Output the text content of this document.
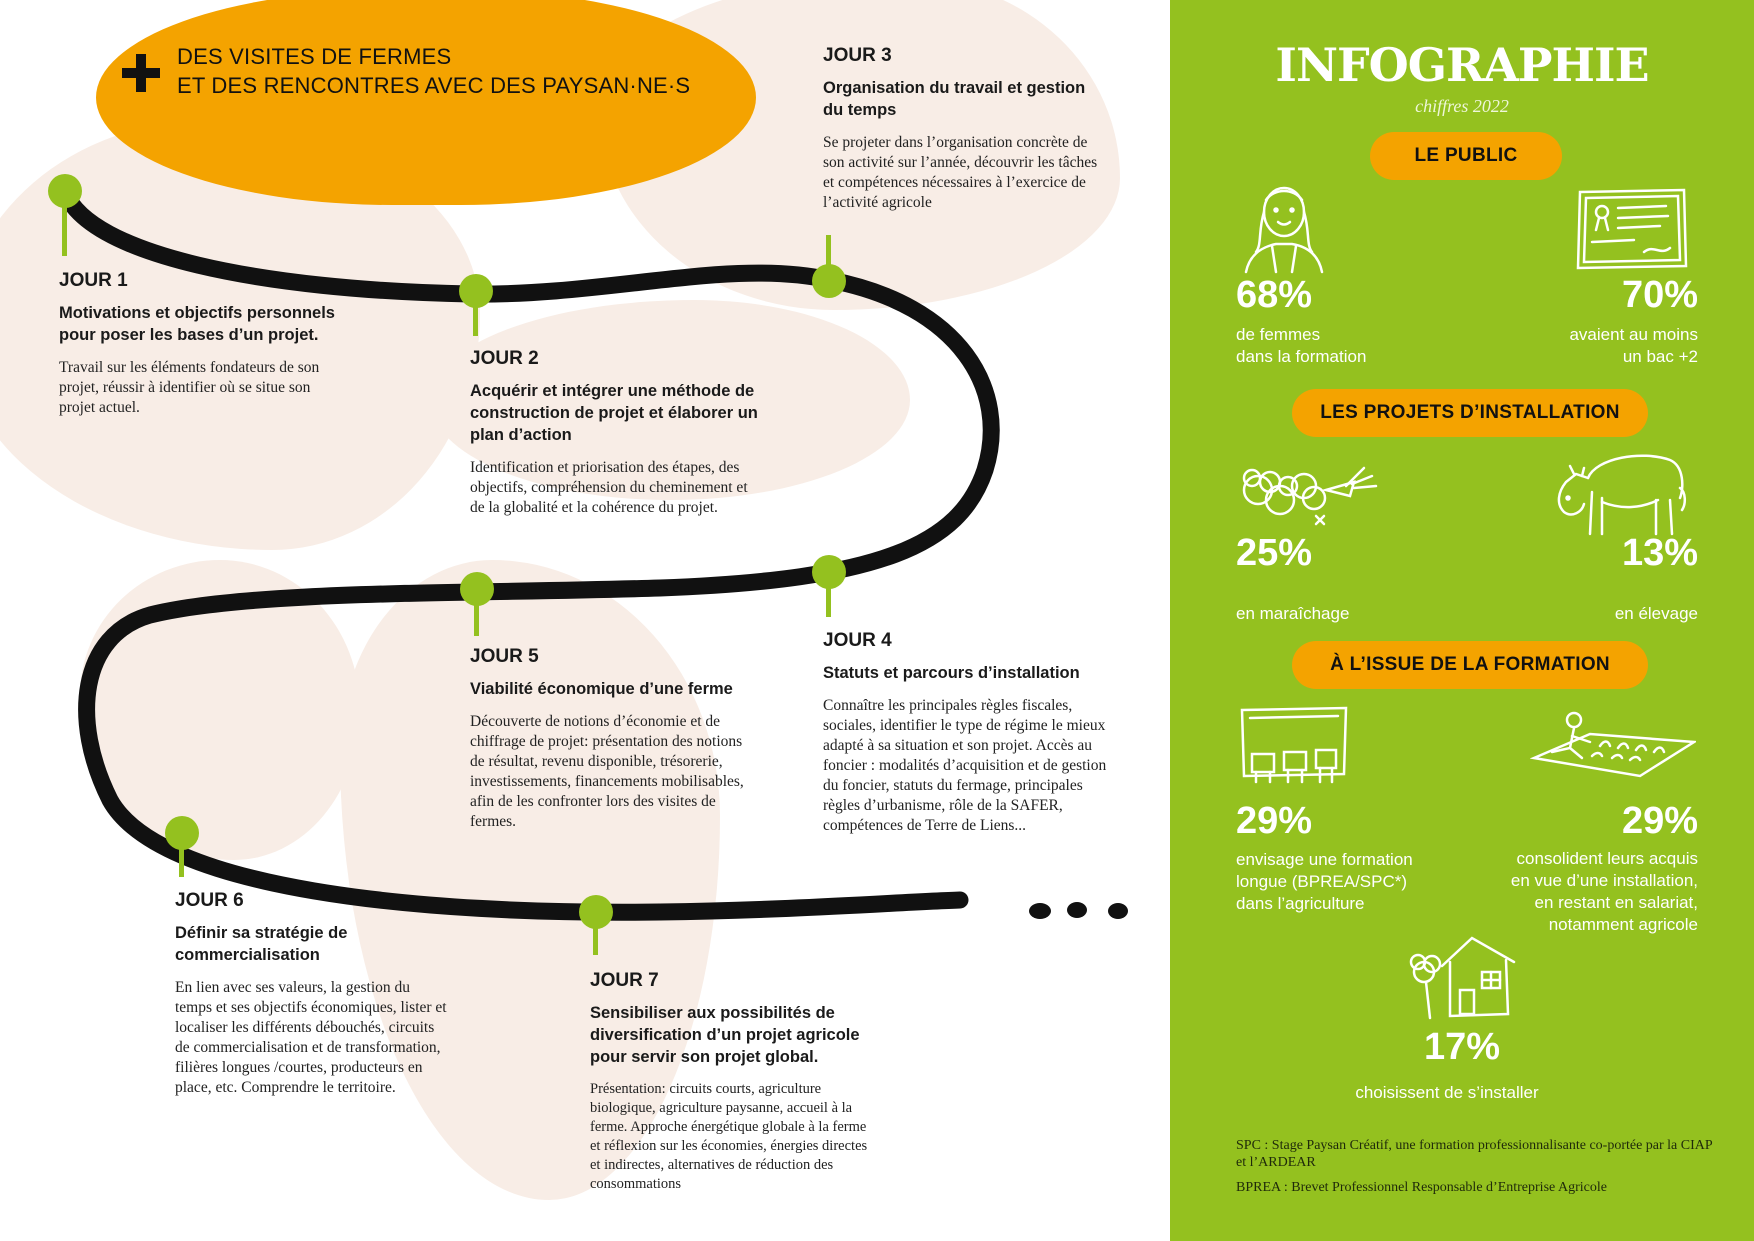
DES VISITES DE FERMES
ET DES RENCONTRES AVEC DES PAYSAN·NE·S
JOUR 1
Motivations et objectifs personnels pour poser les bases d’un projet.
Travail sur les éléments fondateurs de son projet, réussir à identifier où se situe son projet actuel.
JOUR 2
Acquérir et intégrer une méthode de construction de projet et élaborer un plan d’action
Identification et priorisation des étapes, des objectifs, compréhension du cheminement et de la globalité et la cohérence du projet.
JOUR 3
Organisation du travail et gestion du temps
Se projeter dans l’organisation concrète de son activité sur l’année, découvrir les tâches et compétences nécessaires à l’exercice de l’activité agricole
JOUR 4
Statuts et parcours d’installation
Connaître les principales règles fiscales, sociales, identifier le type de régime le mieux adapté à sa situation et son projet. Accès au foncier : modalités d’acquisition et de gestion du foncier, statuts du fermage, principales règles d’urbanisme, rôle de la SAFER, compétences de Terre de Liens...
JOUR 5
Viabilité économique d’une ferme
Découverte de notions d’économie et de chiffrage de projet: présentation des notions de résultat, revenu disponible, trésorerie, investissements, financements mobilisables, afin de les confronter lors des visites de fermes.
JOUR 6
Définir sa stratégie de commercialisation
En lien avec ses valeurs, la gestion du temps et ses objectifs économiques, lister et localiser les différents débouchés, circuits de commercialisation et de transformation, filières longues /courtes, producteurs en place, etc. Comprendre le territoire.
JOUR 7
Sensibiliser aux possibilités de diversification d’un projet agricole pour servir son projet global.
Présentation: circuits courts, agriculture biologique, agriculture paysanne, accueil à la ferme. Approche énergétique globale à la ferme et réflexion sur les économies, énergies directes et indirectes, alternatives de réduction des consommations
INFOGRAPHIE
chiffres 2022
LE PUBLIC
68%
de femmes
dans la formation
70%
avaient au moins
un bac +2
LES PROJETS D’INSTALLATION
25%
en maraîchage
13%
en élevage
À L’ISSUE DE LA FORMATION
29%
envisage une formation
longue (BPREA/SPC*)
dans l’agriculture
29%
consolident leurs acquis
en vue d’une installation,
en restant en salariat,
notamment agricole
17%
choisissent de s’installer
SPC : Stage Paysan Créatif, une formation professionnalisante co-portée par la CIAP et l’ARDEAR
BPREA : Brevet Professionnel Responsable d’Entreprise Agricole
